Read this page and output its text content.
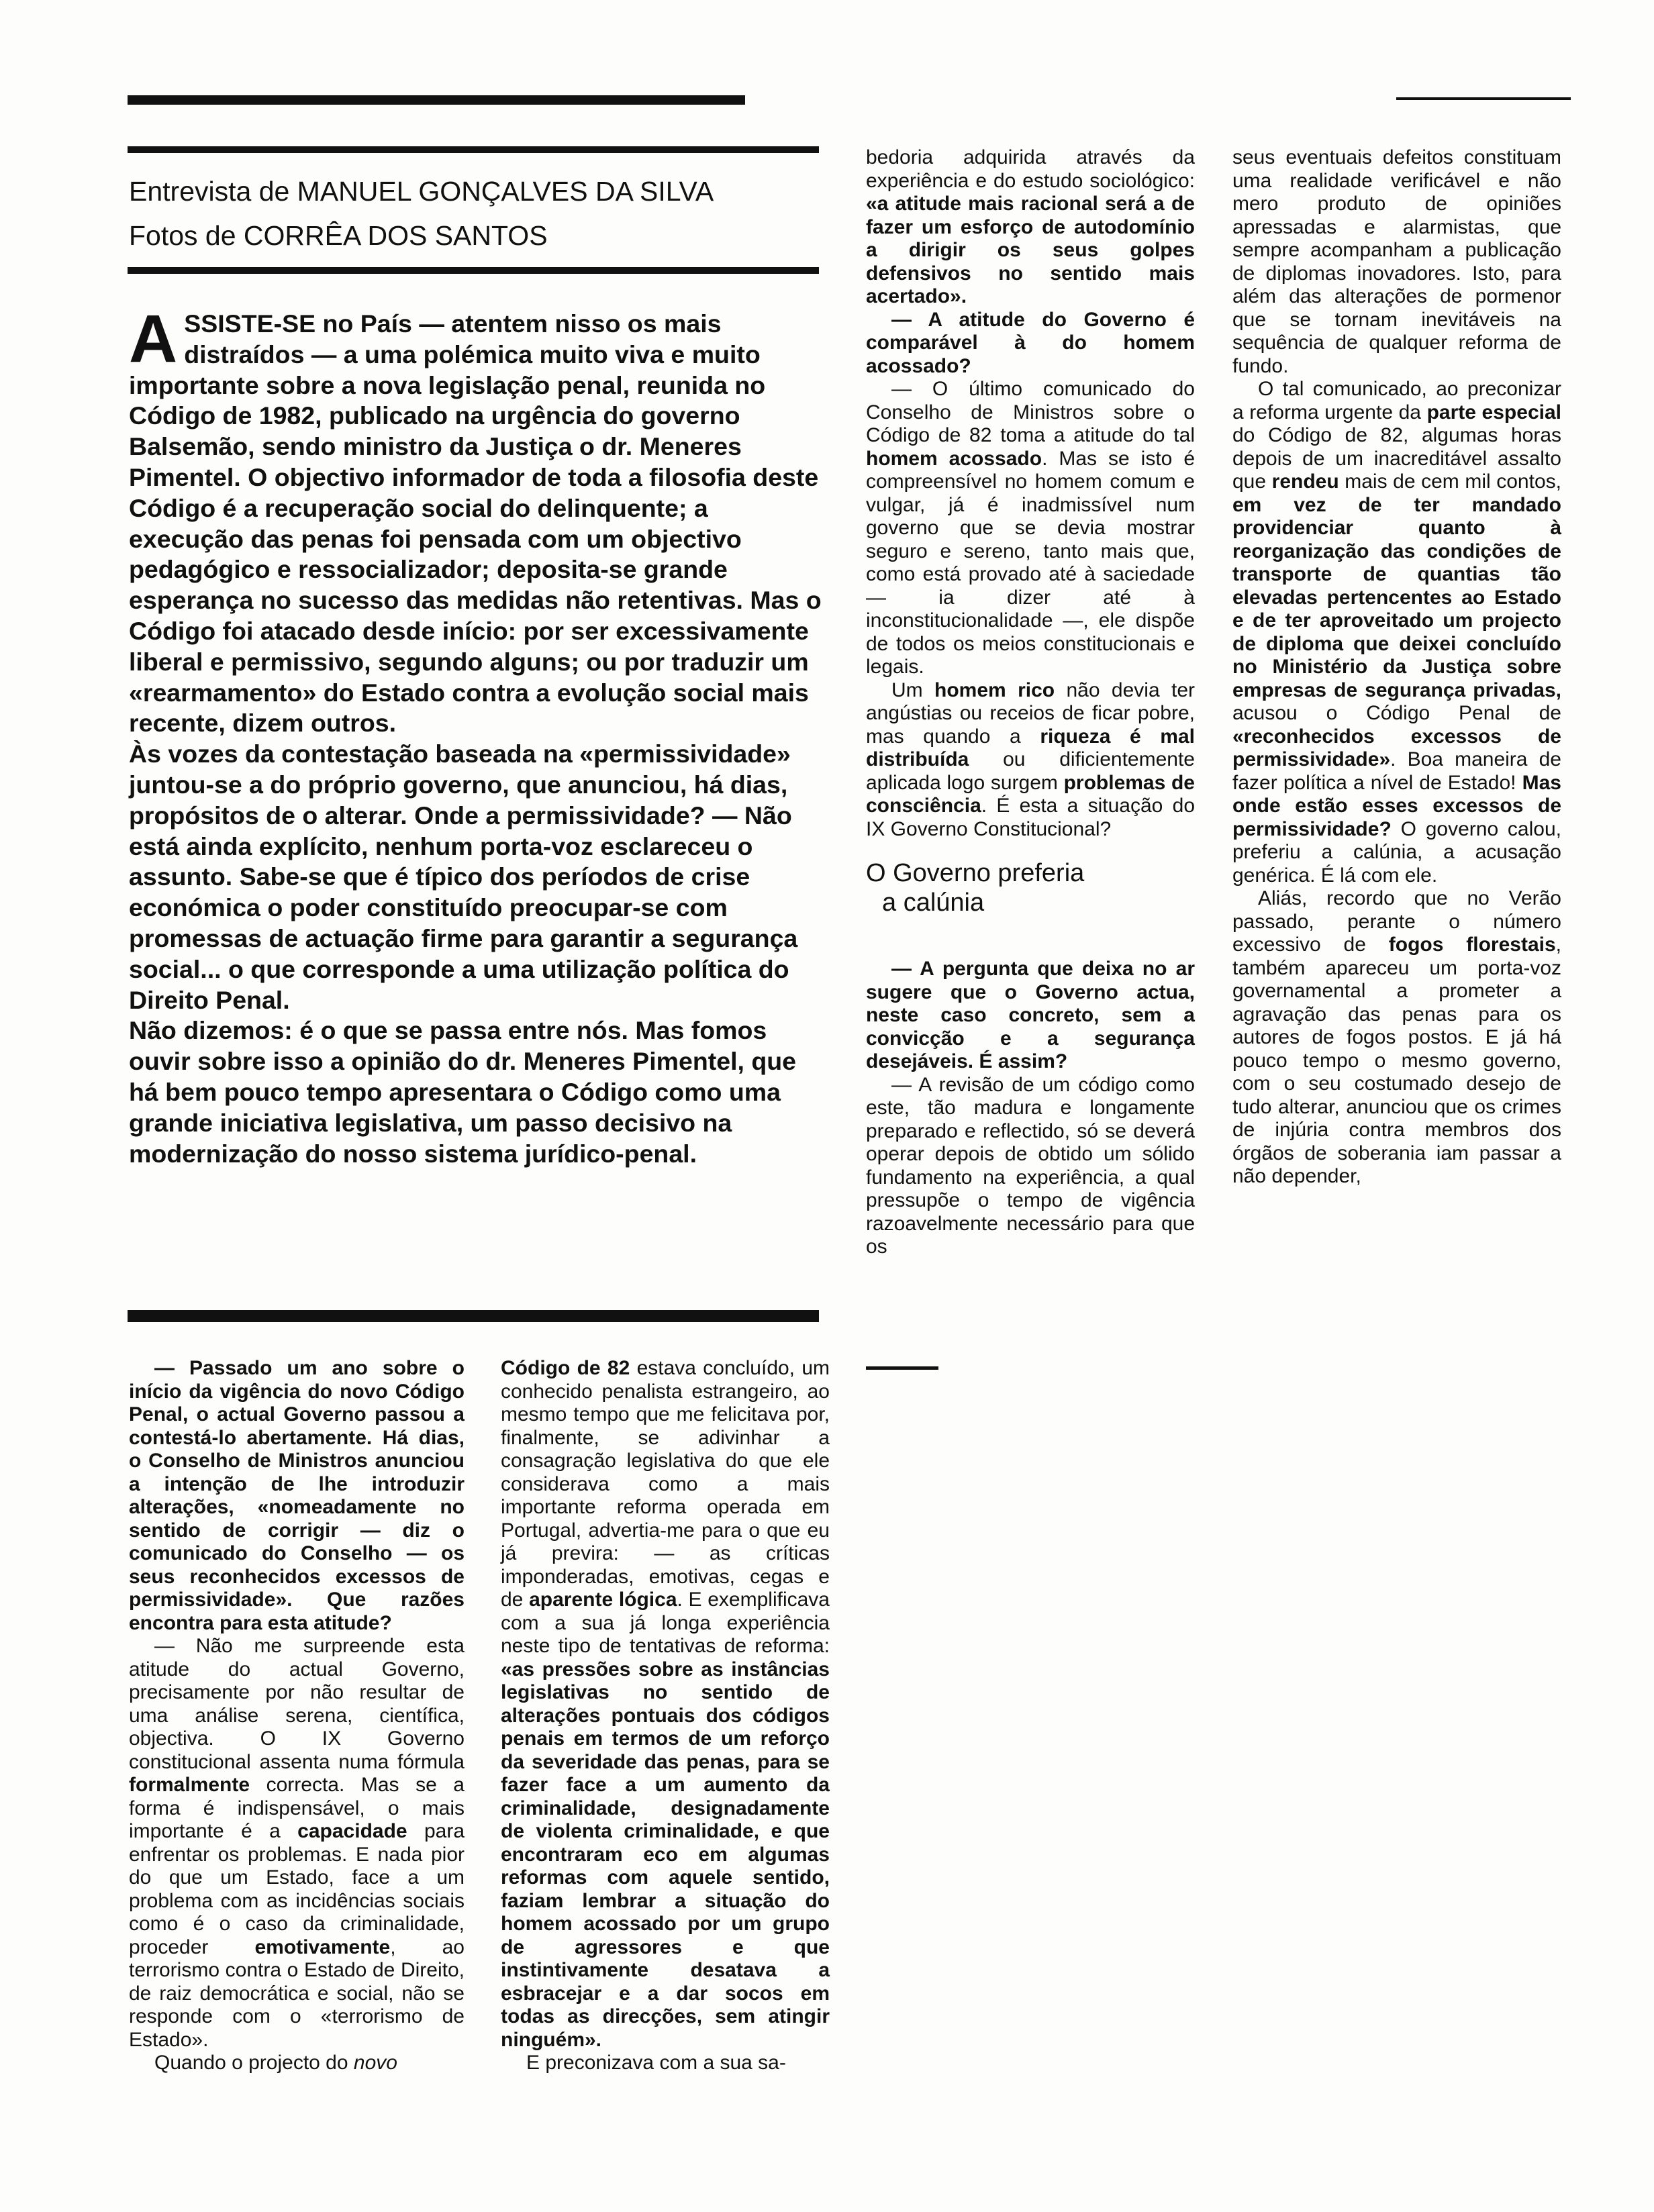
Entrevista de MANUEL GONÇALVES DA SILVA
Fotos de CORRÊA DOS SANTOS

ASSISTE-SE no País — atentem nisso os mais distraídos — a uma polémica muito viva e muito importante sobre a nova legislação penal, reunida no Código de 1982, publicado na urgência do governo Balsemão, sendo ministro da Justiça o dr. Meneres Pimentel. O objectivo informador de toda a filosofia deste Código é a recuperação social do delinquente; a execução das penas foi pensada com um objectivo pedagógico e ressocializador; deposita-se grande esperança no sucesso das medidas não retentivas. Mas o Código foi atacado desde início: por ser excessivamente liberal e permissivo, segundo alguns; ou por traduzir um «rearmamento» do Estado contra a evolução social mais recente, dizem outros.

Às vozes da contestação baseada na «permissividade» juntou-se a do próprio governo, que anunciou, há dias, propósitos de o alterar. Onde a permissividade? — Não está ainda explícito, nenhum porta-voz esclareceu o assunto. Sabe-se que é típico dos períodos de crise económica o poder constituído preocupar-se com promessas de actuação firme para garantir a segurança social... o que corresponde a uma utilização política do Direito Penal.

Não dizemos: é o que se passa entre nós. Mas fomos ouvir sobre isso a opinião do dr. Meneres Pimentel, que há bem pouco tempo apresentara o Código como uma grande iniciativa legislativa, um passo decisivo na modernização do nosso sistema jurídico-penal.

— Passado um ano sobre o início da vigência do novo Código Penal, o actual Governo passou a contestá-lo abertamente. Há dias, o Conselho de Ministros anunciou a intenção de lhe introduzir alterações, «nomeadamente no sentido de corrigir — diz o comunicado do Conselho — os seus reconhecidos excessos de permissividade». Que razões encontra para esta atitude?

— Não me surpreende esta atitude do actual Governo, precisamente por não resultar de uma análise serena, científica, objectiva. O IX Governo constitucional assenta numa fórmula formalmente correcta. Mas se a forma é indispensável, o mais importante é a capacidade para enfrentar os problemas. E nada pior do que um Estado, face a um problema com as incidências sociais como é o caso da criminalidade, proceder emotivamente, ao terrorismo contra o Estado de Direito, de raiz democrática e social, não se responde com o «terrorismo de Estado».

Quando o projecto do novo

Código de 82 estava concluído, um conhecido penalista estrangeiro, ao mesmo tempo que me felicitava por, finalmente, se adivinhar a consagração legislativa do que ele considerava como a mais importante reforma operada em Portugal, advertia-me para o que eu já previra: — as críticas imponderadas, emotivas, cegas e de aparente lógica. E exemplificava com a sua já longa experiência neste tipo de tentativas de reforma: «as pressões sobre as instâncias legislativas no sentido de alterações pontuais dos códigos penais em termos de um reforço da severidade das penas, para se fazer face a um aumento da criminalidade, designadamente de violenta criminalidade, e que encontraram eco em algumas reformas com aquele sentido, faziam lembrar a situação do homem acossado por um grupo de agressores e que instintivamente desatava a esbracejar e a dar socos em todas as direcções, sem atingir ninguém».

E preconizava com a sua sa-

bedoria adquirida através da experiência e do estudo sociológico: «a atitude mais racional será a de fazer um esforço de autodomínio a dirigir os seus golpes defensivos no sentido mais acertado».

— A atitude do Governo é comparável à do homem acossado?

— O último comunicado do Conselho de Ministros sobre o Código de 82 toma a atitude do tal homem acossado. Mas se isto é compreensível no homem comum e vulgar, já é inadmissível num governo que se devia mostrar seguro e sereno, tanto mais que, como está provado até à saciedade — ia dizer até à inconstitucionalidade —, ele dispõe de todos os meios constitucionais e legais.

Um homem rico não devia ter angústias ou receios de ficar pobre, mas quando a riqueza é mal distribuída ou dificientemente aplicada logo surgem problemas de consciência. É esta a situação do IX Governo Constitucional?

O Governo preferia
a calúnia

— A pergunta que deixa no ar sugere que o Governo actua, neste caso concreto, sem a convicção e a segurança desejáveis. É assim?

— A revisão de um código como este, tão madura e longamente preparado e reflectido, só se deverá operar depois de obtido um sólido fundamento na experiência, a qual pressupõe o tempo de vigência razoavelmente necessário para que os

seus eventuais defeitos constituam uma realidade verificável e não mero produto de opiniões apressadas e alarmistas, que sempre acompanham a publicação de diplomas inovadores. Isto, para além das alterações de pormenor que se tornam inevitáveis na sequência de qualquer reforma de fundo.

O tal comunicado, ao preconizar a reforma urgente da parte especial do Código de 82, algumas horas depois de um inacreditável assalto que rendeu mais de cem mil contos, em vez de ter mandado providenciar quanto à reorganização das condições de transporte de quantias tão elevadas pertencentes ao Estado e de ter aproveitado um projecto de diploma que deixei concluído no Ministério da Justiça sobre empresas de segurança privadas, acusou o Código Penal de «reconhecidos excessos de permissividade». Boa maneira de fazer política a nível de Estado! Mas onde estão esses excessos de permissividade? O governo calou, preferiu a calúnia, a acusação genérica. É lá com ele.

Aliás, recordo que no Verão passado, perante o número excessivo de fogos florestais, também apareceu um porta-voz governamental a prometer a agravação das penas para os autores de fogos postos. E já há pouco tempo o mesmo governo, com o seu costumado desejo de tudo alterar, anunciou que os crimes de injúria contra membros dos órgãos de soberania iam passar a não depender,
